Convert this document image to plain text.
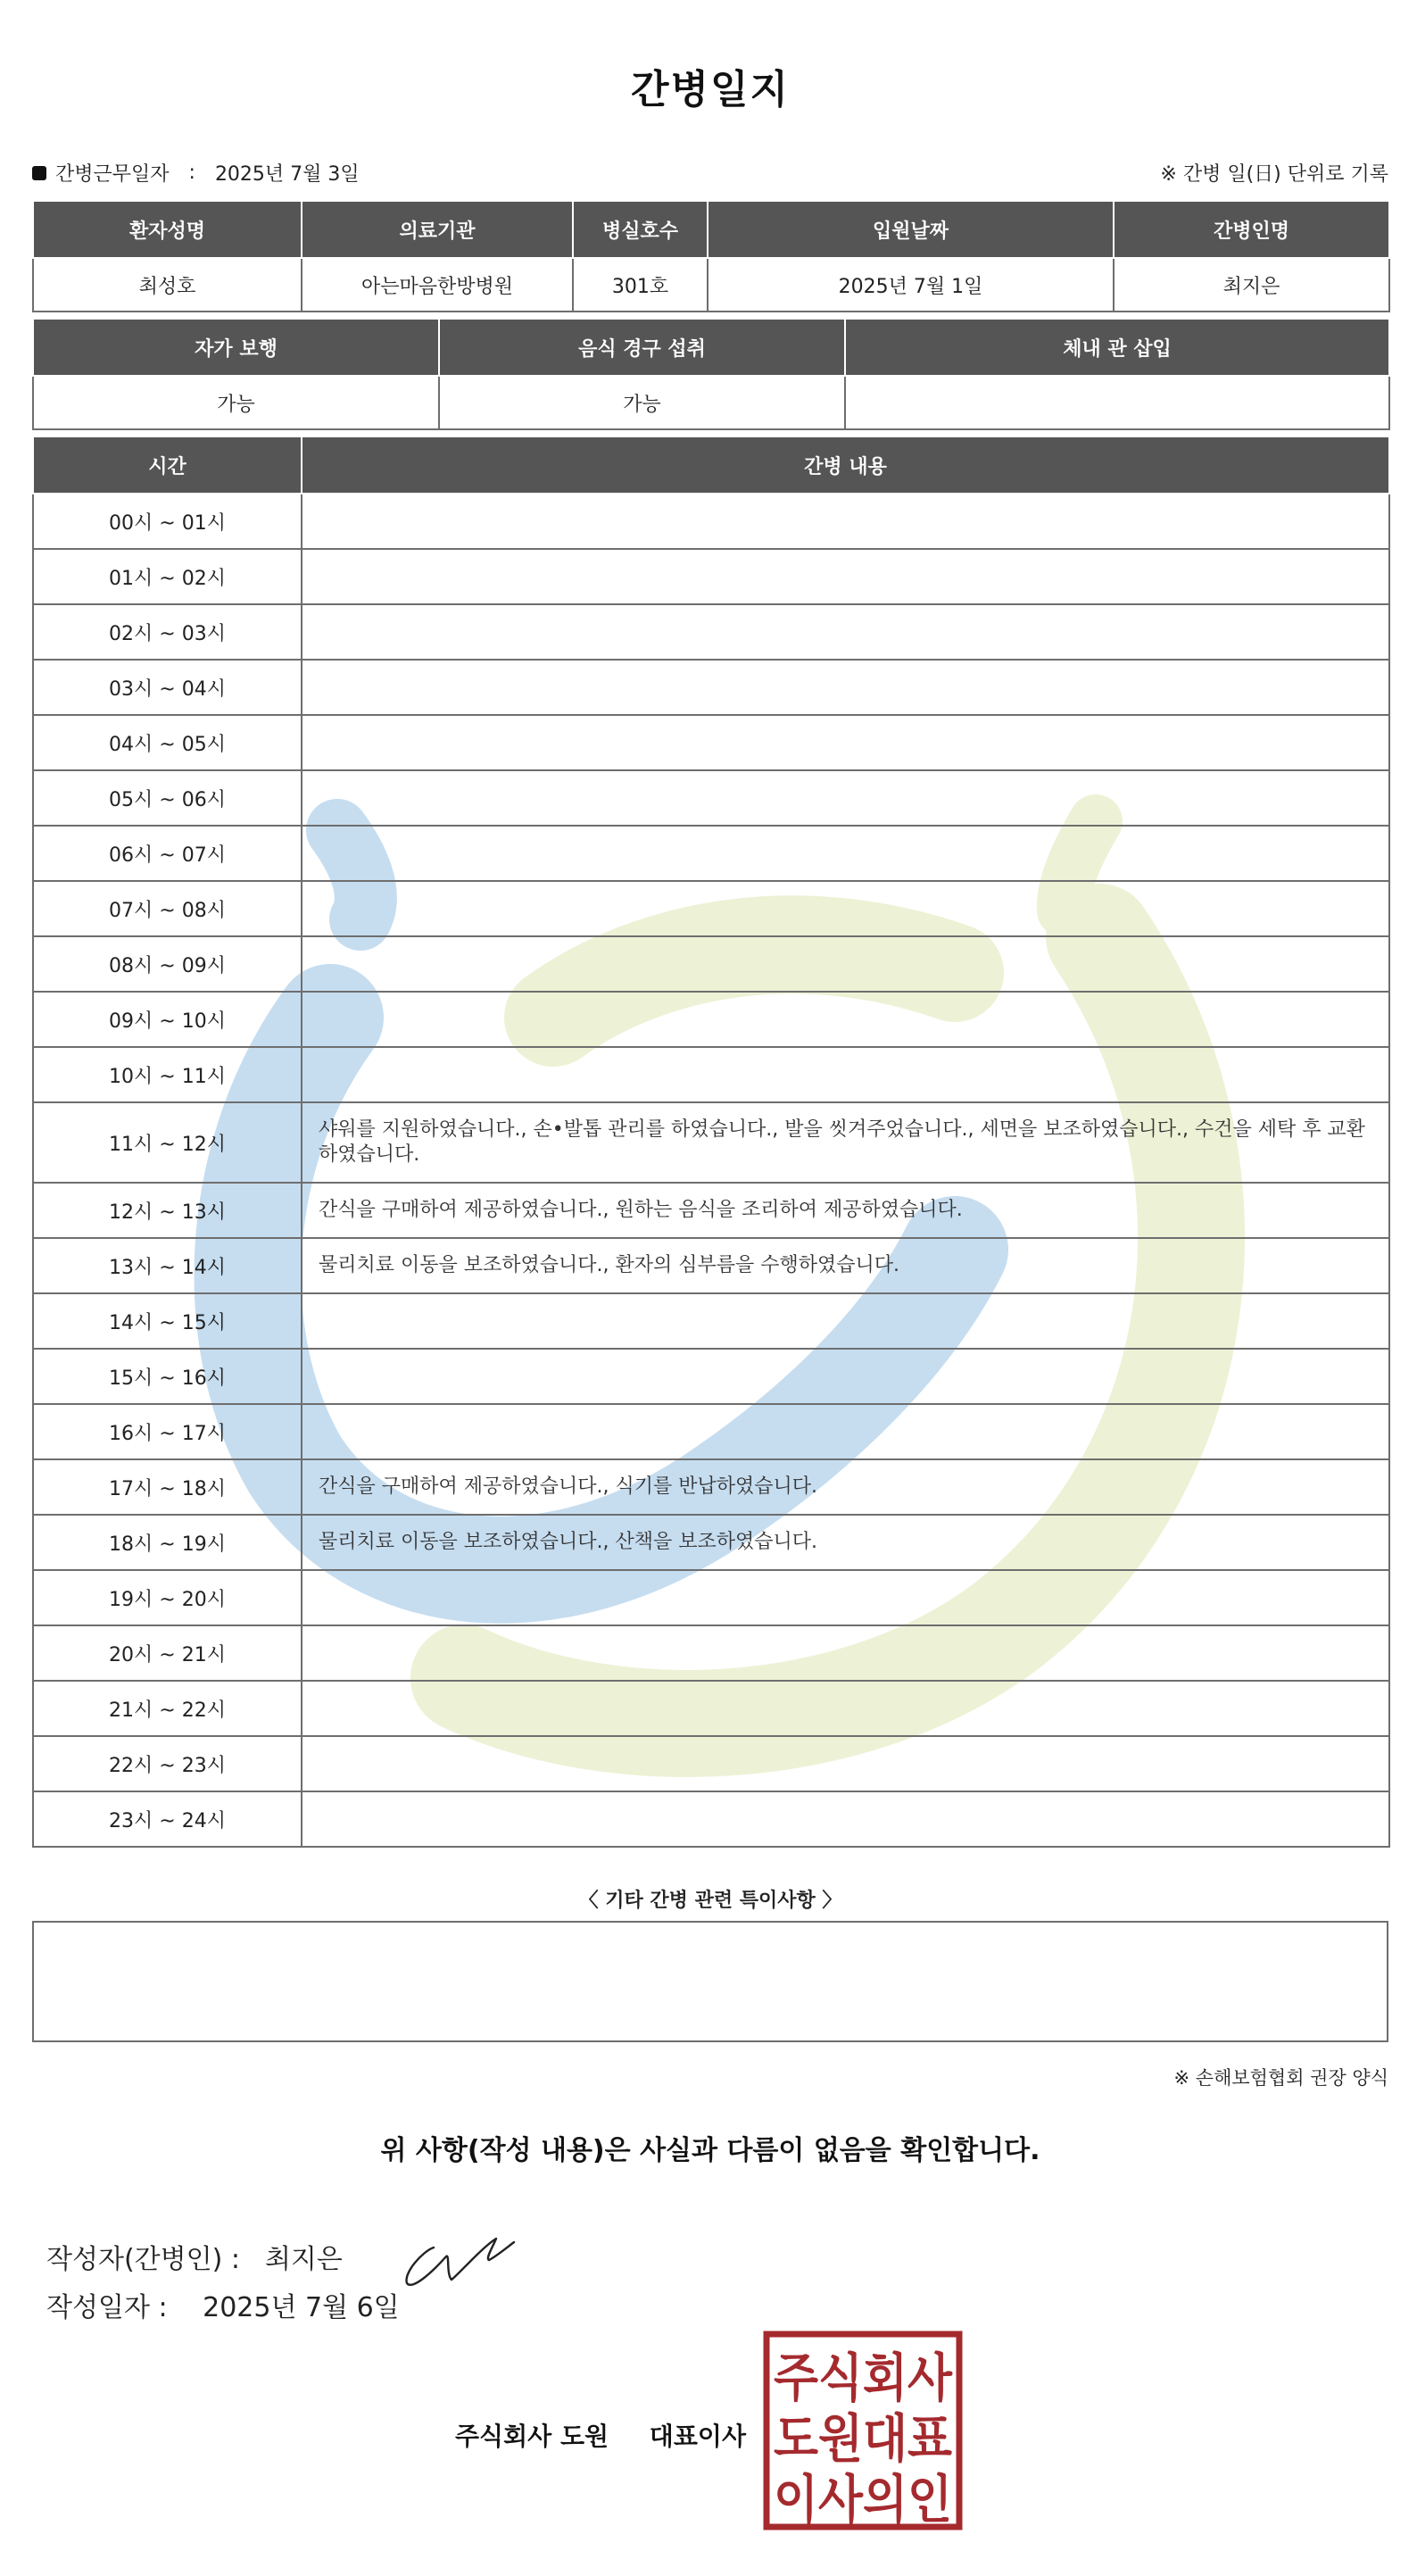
간병일지
간병근무일자 : 2025년 7월 3일	※ 간병 일(日) 단위로 기록
환자성명	의료기관	병실호수	입원날짜	간병인명
최성호	아는마음한방병원	301호	2025년 7월 1일	최지은
자가 보행	음식 경구 섭취	체내 관 삽입
가능	가능	
시간	간병 내용
00시 ~ 01시	
01시 ~ 02시	
02시 ~ 03시	
03시 ~ 04시	
04시 ~ 05시	
05시 ~ 06시	
06시 ~ 07시	
07시 ~ 08시	
08시 ~ 09시	
09시 ~ 10시	
10시 ~ 11시	
11시 ~ 12시	샤워를 지원하였습니다., 손•발톱 관리를 하였습니다., 발을 씻겨주었습니다., 세면을 보조하였습니다., 수건을 세탁 후 교환하였습니다.
12시 ~ 13시	간식을 구매하여 제공하였습니다., 원하는 음식을 조리하여 제공하였습니다.
13시 ~ 14시	물리치료 이동을 보조하였습니다., 환자의 심부름을 수행하였습니다.
14시 ~ 15시	
15시 ~ 16시	
16시 ~ 17시	
17시 ~ 18시	간식을 구매하여 제공하였습니다., 식기를 반납하였습니다.
18시 ~ 19시	물리치료 이동을 보조하였습니다., 산책을 보조하였습니다.
19시 ~ 20시	
20시 ~ 21시	
21시 ~ 22시	
22시 ~ 23시	
23시 ~ 24시	
〈 기타 간병 관련 특이사항 〉
※ 손해보험협회 권장 양식
위 사항(작성 내용)은 사실과 다름이 없음을 확인합니다.
작성자(간병인) : 최지은
작성일자 : 2025년 7월 6일
주식회사 도원 대표이사
주식회사
도원대표
이사의인
